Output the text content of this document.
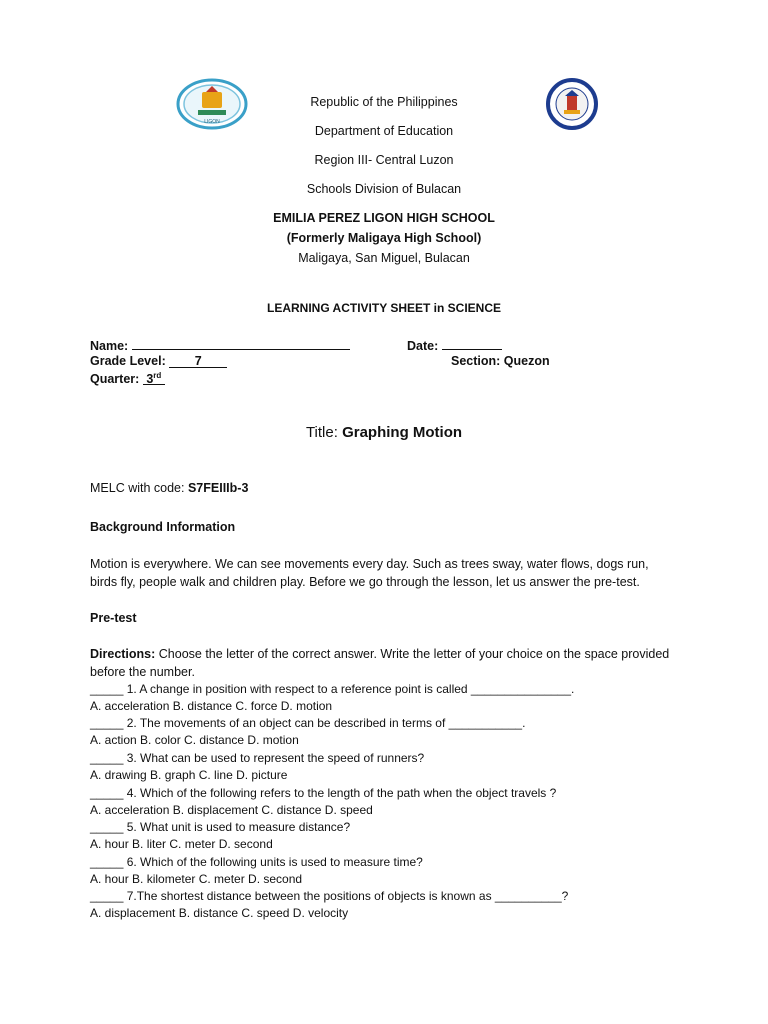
LIGON
Republic of the Philippines
Department of Education
Region III- Central Luzon
Schools Division of Bulacan
EMILIA PEREZ LIGON HIGH SCHOOL
(Formerly Maligaya High School)
Maligaya, San Miguel, Bulacan
LEARNING ACTIVITY SHEET in SCIENCE
Name:	Date:
Grade Level: 7	Section: Quezon
Quarter: 3rd
Title: Graphing Motion
MELC with code: S7FEIIIb-3
Background Information
Motion is everywhere. We can see movements every day. Such as trees sway, water flows, dogs run, birds fly, people walk and children play. Before we go through the lesson, let us answer the pre-test.
Pre-test
Directions: Choose the letter of the correct answer. Write the letter of your choice on the space provided before the number.
_____ 1. A change in position with respect to a reference point is called _______________.
A. acceleration B. distance C. force D. motion
_____ 2. The movements of an object can be described in terms of ___________.
A. action B. color C. distance D. motion
_____ 3. What can be used to represent the speed of runners?
A. drawing B. graph C. line D. picture
_____ 4. Which of the following refers to the length of the path when the object travels ?
A. acceleration B. displacement C. distance D. speed
_____ 5. What unit is used to measure distance?
A. hour B. liter C. meter D. second
_____ 6. Which of the following units is used to measure time?
A. hour B. kilometer C. meter D. second
_____ 7.The shortest distance between the positions of objects is known as __________?
A. displacement B. distance C. speed D. velocity
